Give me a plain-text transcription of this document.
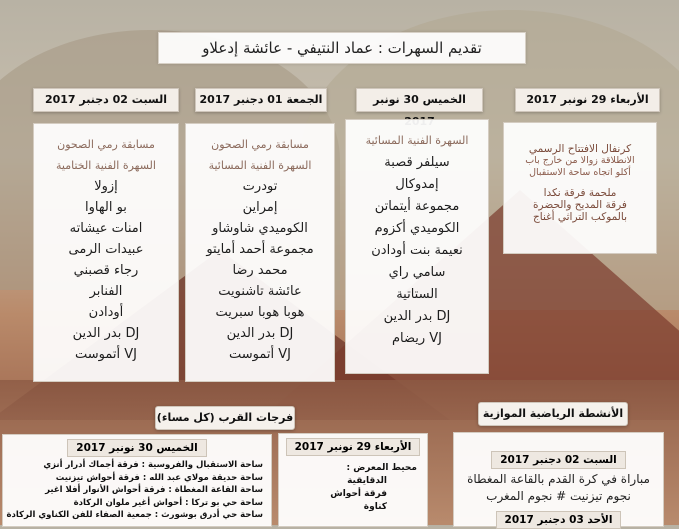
تقديم السهرات : عماد النتيفي - عائشة إدعلاو
السبت 02 دجنبر 2017	الجمعة 01 دجنبر 2017	الخميس 30 نونبر	الأربعاء 29 نونبر 2017
مسابقة رمي الصحون
السهرة الفنية الختامية
إزولا
بو الهاوا
امنات عيشاته
عبيدات الرمى
رجاء قصبني
الفنابر
أودادن
DJ بدر الدين
VJ أتموست
مسابقة رمي الصحون
السهرة الفنية المسائية
تودرت
إمراين
الكوميدي شاوشاو
مجموعة أحمد أمايتو
محمد رضا
عائشة تاشنويت
هوبا هوبا سبريت
DJ بدر الدين
VJ أتموست
السهرة الفنية المسائية
سيلفر قصبة
إمدوكال
مجموعة أيتماتن
الكوميدي أكزوم
نعيمة بنت أودادن
سامي راي
الستاتية
DJ بدر الدين
VJ ريضام
كرنفال الافتتاح الرسمي
الانطلاقة زوالا من خارج باب
أكلو اتجاه ساحة الاستقبال
ملحمة فرقة نكدا
فرقة المديح والحضرة
بالموكب التراثي أغناج
فرجات القرب (كل مساء)	الأنشطة الرياضية الموازية
الخميس 30 نونبر 2017
ساحة الاستقبال والفروسية : فرقة أجماك أدرار أنزي
ساحة حديقة مولاي عبد الله : فرقة أحواش تيزنيت
ساحة القاعة المغطاة : فرقة أحواش الأنوار أفلا اغير
ساحة حي بو تركا : أحواش أغير ملوان الركادة
ساحة حي أدرق بوشورث : جمعية الصفاء للفن الكناوي الركادة
الأربعاء 29 نونبر 2017
محيط المعرض :
الدقايقية
فرقة أحواش
كناوة
السبت 02 دجنبر 2017
مباراة في كرة القدم بالقاعة المغطاة
نجوم تيزنيت # نجوم المغرب
الأحد 03 دجنبر 2017
